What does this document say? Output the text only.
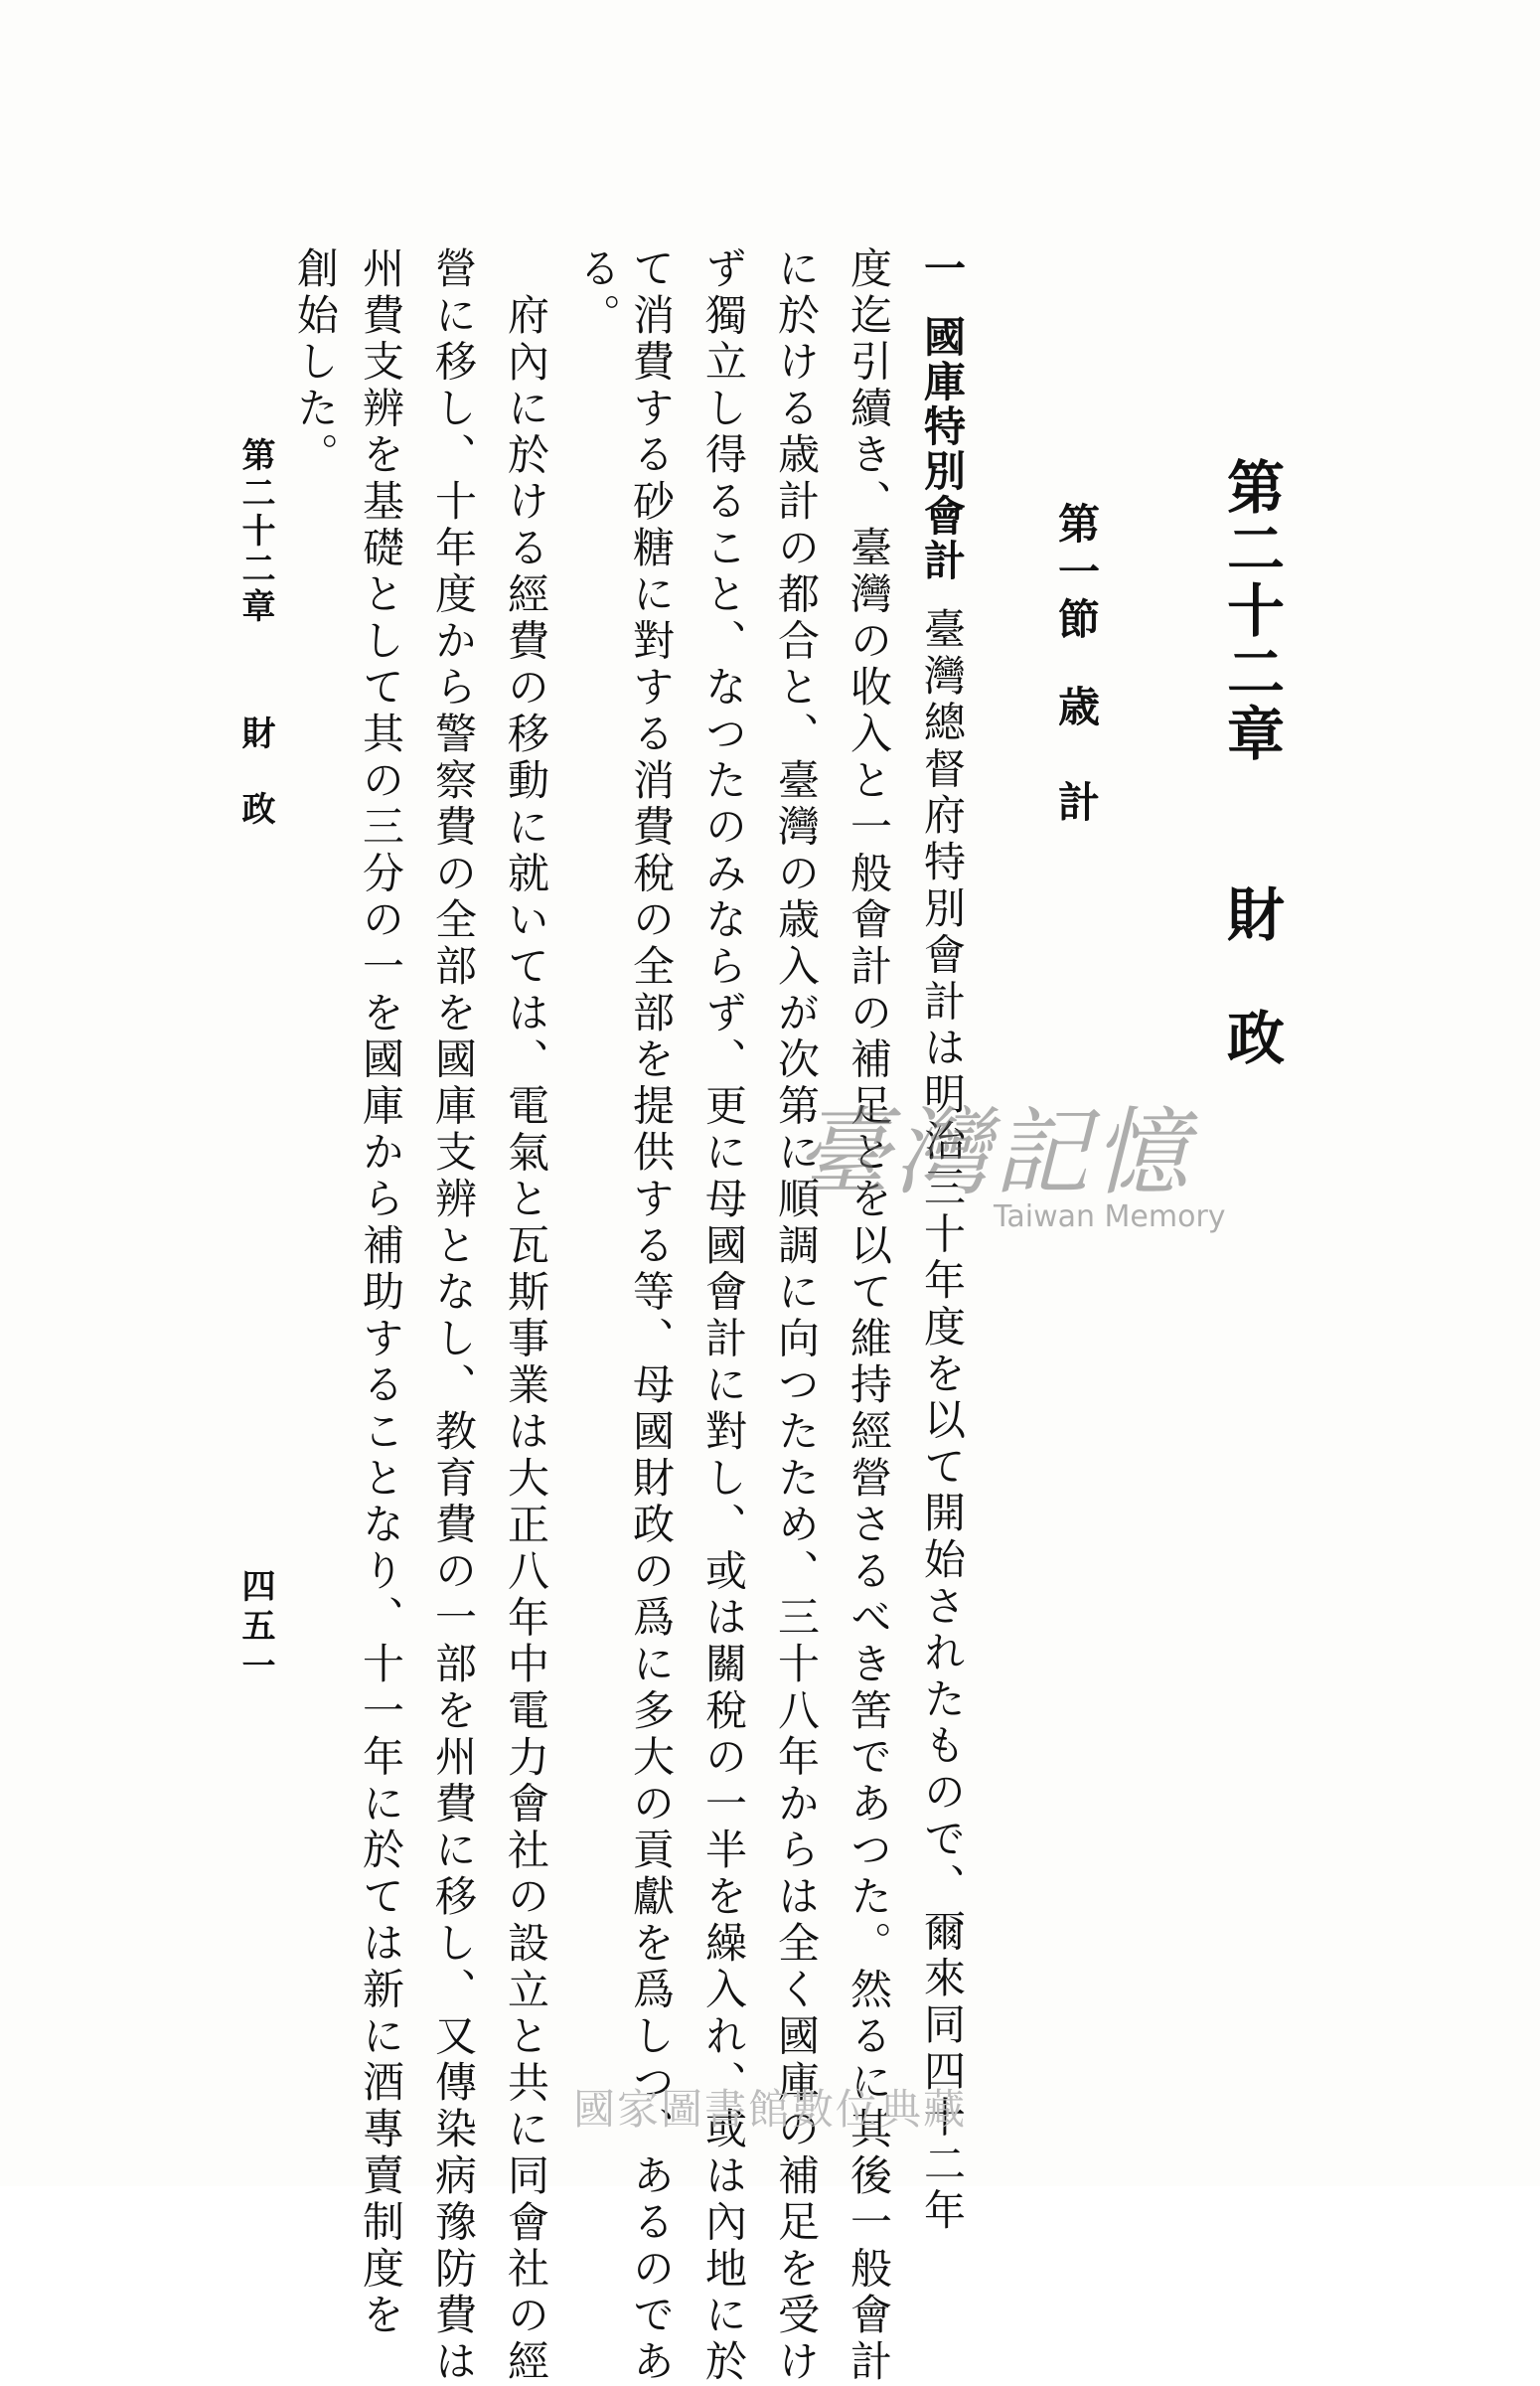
第二十二章財　政
第一節歳　計
一國庫特別會計臺灣總督府特別會計は明治三十年度を以て開始されたもので、爾來同四十二年
度迄引續き、臺灣の收入と一般會計の補足とを以て維持經營さるべき筈であつた。然るに其後一般會計
に於ける歳計の都合と、臺灣の歳入が次第に順調に向つたため、三十八年からは全く國庫の補足を受け
ず獨立し得ること、なつたのみならず、更に母國會計に對し、或は關稅の一半を繰入れ、或は內地に於
て消費する砂糖に對する消費稅の全部を提供する等、母國財政の爲に多大の貢獻を爲しつ、あるのであ
る。
府內に於ける經費の移動に就いては、電氣と瓦斯事業は大正八年中電力會社の設立と共に同會社の經
營に移し、十年度から警察費の全部を國庫支辨となし、教育費の一部を州費に移し、又傳染病豫防費は
州費支辨を基礎として其の三分の一を國庫から補助することなり、十一年に於ては新に酒專賣制度を
創始した。
第二十二章財　政
四五一
臺灣記憶
Taiwan Memory
國家圖書館數位典藏
